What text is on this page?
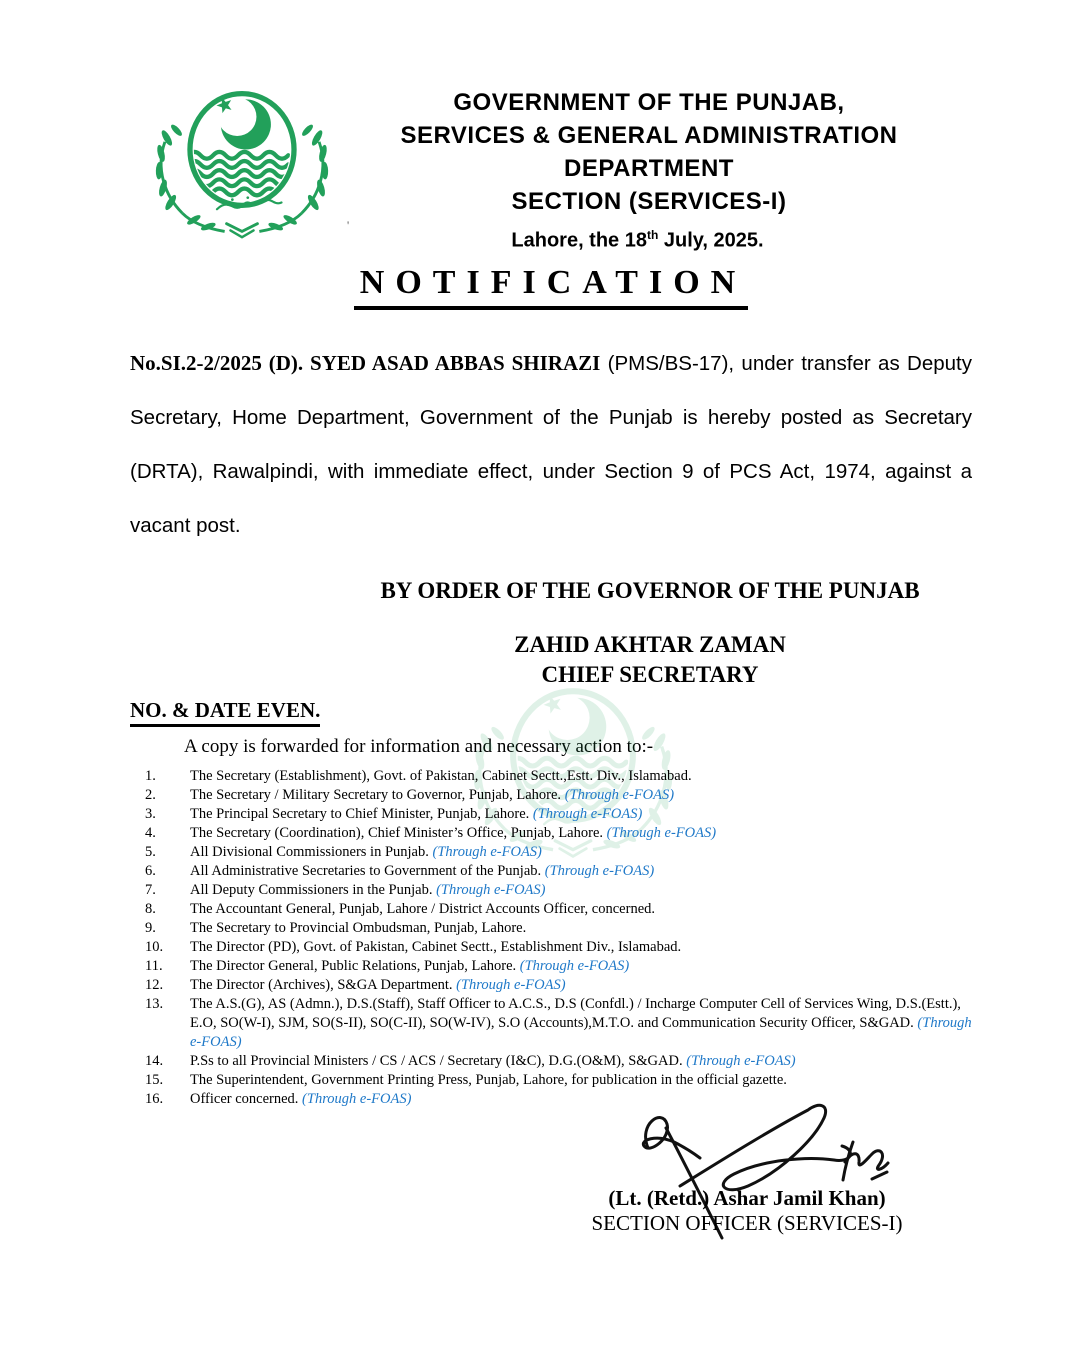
GOVERNMENT OF THE PUNJAB,
SERVICES & GENERAL ADMINISTRATION
DEPARTMENT
SECTION (SERVICES-I)
'
Lahore, the 18th July, 2025.
NOTIFICATION
No.SI.2-2/2025 (D). SYED ASAD ABBAS SHIRAZI (PMS/BS-17), under transfer as Deputy Secretary, Home Department, Government of the Punjab is hereby posted as Secretary (DRTA), Rawalpindi, with immediate effect, under Section 9 of PCS Act, 1974, against a vacant post.
BY ORDER OF THE GOVERNOR OF THE PUNJAB
ZAHID AKHTAR ZAMAN
CHIEF SECRETARY
NO. & DATE EVEN.
A copy is forwarded for information and necessary action to:-
1.	The Secretary (Establishment), Govt. of Pakistan, Cabinet Sectt.,Estt. Div., Islamabad.
2.	The Secretary / Military Secretary to Governor, Punjab, Lahore. (Through e-FOAS)
3.	The Principal Secretary to Chief Minister, Punjab, Lahore. (Through e-FOAS)
4.	The Secretary (Coordination), Chief Minister’s Office, Punjab, Lahore. (Through e-FOAS)
5.	All Divisional Commissioners in Punjab. (Through e-FOAS)
6.	All Administrative Secretaries to Government of the Punjab. (Through e-FOAS)
7.	All Deputy Commissioners in the Punjab. (Through e-FOAS)
8.	The Accountant General, Punjab, Lahore / District Accounts Officer, concerned.
9.	The Secretary to Provincial Ombudsman, Punjab, Lahore.
10.	The Director (PD), Govt. of Pakistan, Cabinet Sectt., Establishment Div., Islamabad.
11.	The Director General, Public Relations, Punjab, Lahore. (Through e-FOAS)
12.	The Director (Archives), S&GA Department. (Through e-FOAS)
13.	The A.S.(G), AS (Admn.), D.S.(Staff), Staff Officer to A.C.S., D.S (Confdl.) / Incharge Computer Cell of Services Wing, D.S.(Estt.), E.O, SO(W-I), SJM, SO(S-II), SO(C-II), SO(W-IV), S.O (Accounts),M.T.O. and Communication Security Officer, S&GAD. (Through e-FOAS)
14.	P.Ss to all Provincial Ministers / CS / ACS / Secretary (I&C), D.G.(O&M), S&GAD. (Through e-FOAS)
15.	The Superintendent, Government Printing Press, Punjab, Lahore, for publication in the official gazette.
16.	Officer concerned. (Through e-FOAS)
(Lt. (Retd.) Ashar Jamil Khan)
SECTION OFFICER (SERVICES-I)
